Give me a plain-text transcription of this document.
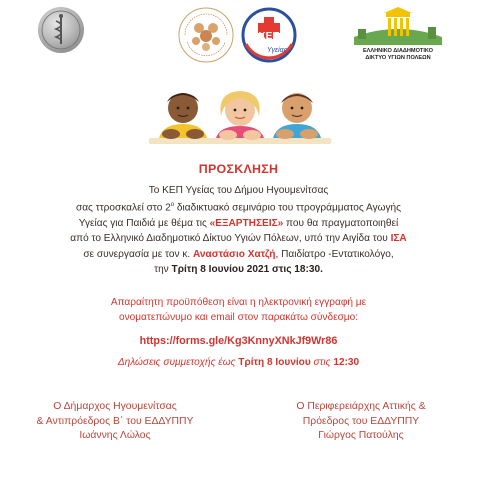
ΚΕΠ
Υγείας	ΕΛΛΗΝΙΚΟ ΔΙΑΔΗΜΟΤΙΚΟ
ΔΙΚΤΥΟ ΥΓΙΩΝ ΠΟΛΕΩΝ
ΠΡΟΣΚΛΗΣΗ
Το ΚΕΠ Υγείας του Δήμου Ηγουμενίτσας
σας ττροσκαλεί στο $2^o$ διαδικτυακό σεμινάριο του ττρογράμματος Αγωγής
Υγείας για Παιδιά με θέμα τις «ΕΞΑΡΤΗΣΕΙΣ» που θα πραγματοποιηθεί
από το Ελληνικό Διαδημοτικό Δίκτυο Υγιών Πόλεων, υπό την Αιγίδα του ΙΣΑ
σε συνεργασία με τον κ. Αναστάσιο Χατζή, Παιδίατρο -Εντατικολόγο,
την Τρίτη 8 Ιουνίου 2021 στις 18:30.
Απαραίτητη προϋπόθεση είναι η ηλεκτρονική εγγραφή με
ονοματεπώνυμο και email στον παρακάτω σύνδεσμο:
https://forms.gle/Kg3KnnyXNkJf9Wr86
Δηλώσεις συμμετοχής έως Τρίτη 8 Ιουνίου στις 12:30
Ο Δήμαρχος Ηγουμενίτσας
& Αντιπρόεδρος Β΄ του ΕΔΔΥΠΠΥ
Ιωάννης Λώλος
Ο Περιφερειάρχης Αττικής &
Πρόεδρος του ΕΔΔΥΠΠΥ
Γιώργος Πατούλης
